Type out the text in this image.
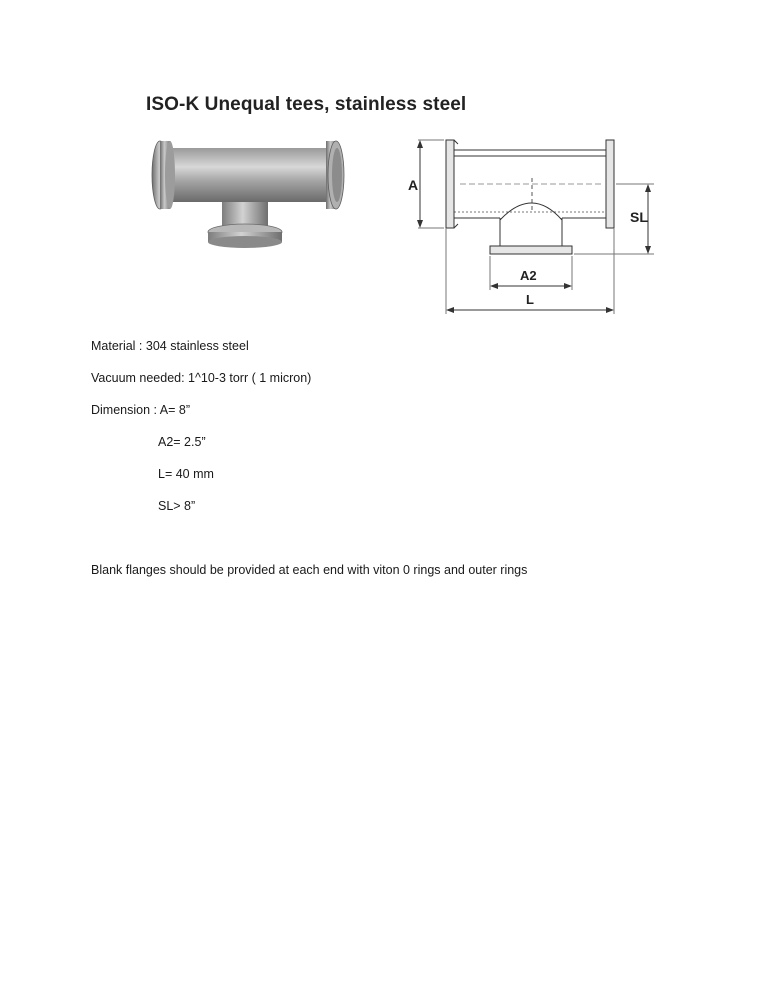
ISO-K Unequal tees, stainless steel
A
SL
A2
L
Material : 304 stainless steel
Vacuum needed: 1^10-3 torr ( 1 micron)
Dimension : A= 8”
A2= 2.5”
L= 40 mm
SL> 8”
Blank flanges should be provided at each end with viton 0 rings and outer rings
